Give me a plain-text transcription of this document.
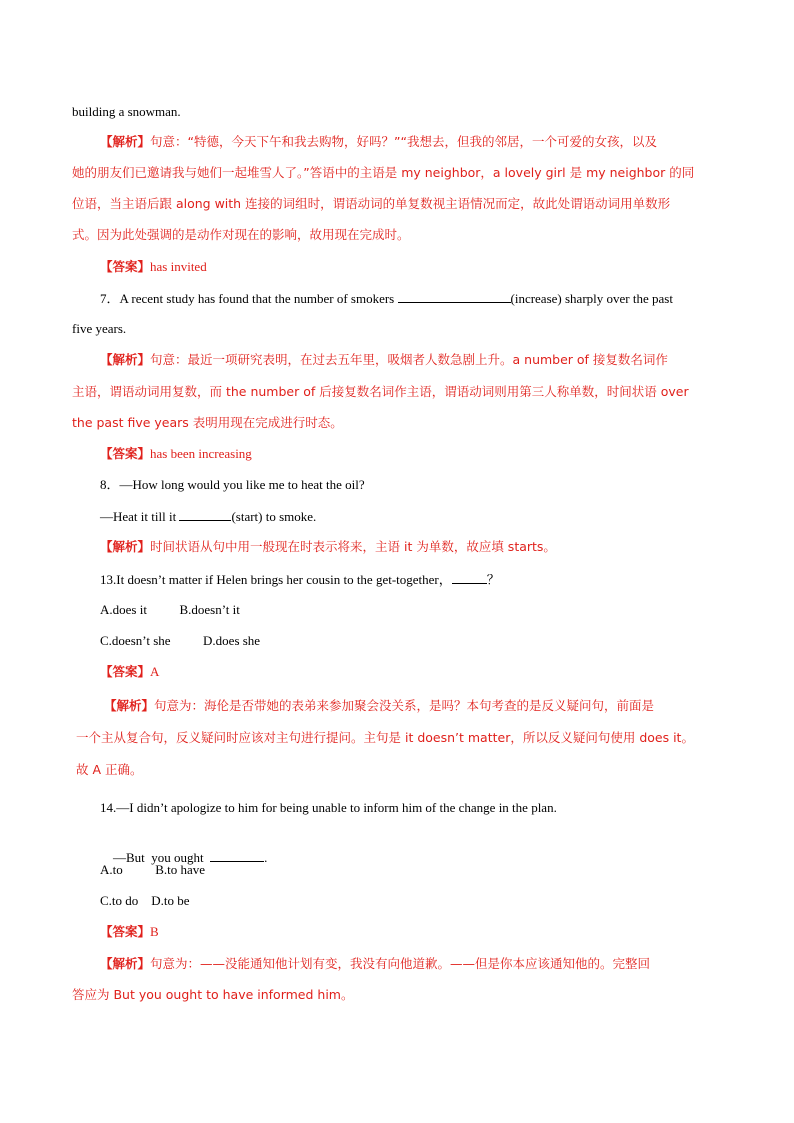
building a snowman.
【解析】句意：“特德，今天下午和我去购物，好吗？”“我想去，但我的邻居，一个可爱的女孩，以及
她的朋友们已邀请我与她们一起堆雪人了。”答语中的主语是 my neighbor，a lovely girl 是 my neighbor 的同
位语，当主语后跟 along with 连接的词组时，谓语动词的单复数视主语情况而定，故此处谓语动词用单数形
式。因为此处强调的是动作对现在的影响，故用现在完成时。
【答案】has invited
7．A recent study has found that the number of smokers	(increase) sharply over the past
five years.
【解析】句意：最近一项研究表明，在过去五年里，吸烟者人数急剧上升。a number of 接复数名词作
主语，谓语动词用复数，而 the number of 后接复数名词作主语，谓语动词则用第三人称单数，时间状语 over
the past five years 表明用现在完成进行时态。
【答案】has been increasing
8．—How long would you like me to heat the oil?
—Heat it till it	(start) to smoke.
【解析】时间状语从句中用一般现在时表示将来，主语 it 为单数，故应填 starts。
13.It doesn’t matter if Helen brings her cousin to the get-together，	？
A.does it          B.doesn’t it
C.doesn’t she          D.does she
【答案】A
【解析】句意为：海伦是否带她的表弟来参加聚会没关系，是吗？本句考查的是反义疑问句，前面是
一个主从复合句，反义疑问时应该对主句进行提问。主句是 it doesn’t matter，所以反义疑问句使用 does it。
故 A 正确。
14.—I didn’t apologize to him for being unable to inform him of the change in the plan.

—But  you ought	.

A.to          B.to have
C.to do    D.to be
【答案】B
【解析】句意为：——没能通知他计划有变，我没有向他道歉。——但是你本应该通知他的。完整回
答应为 But you ought to have informed him。
